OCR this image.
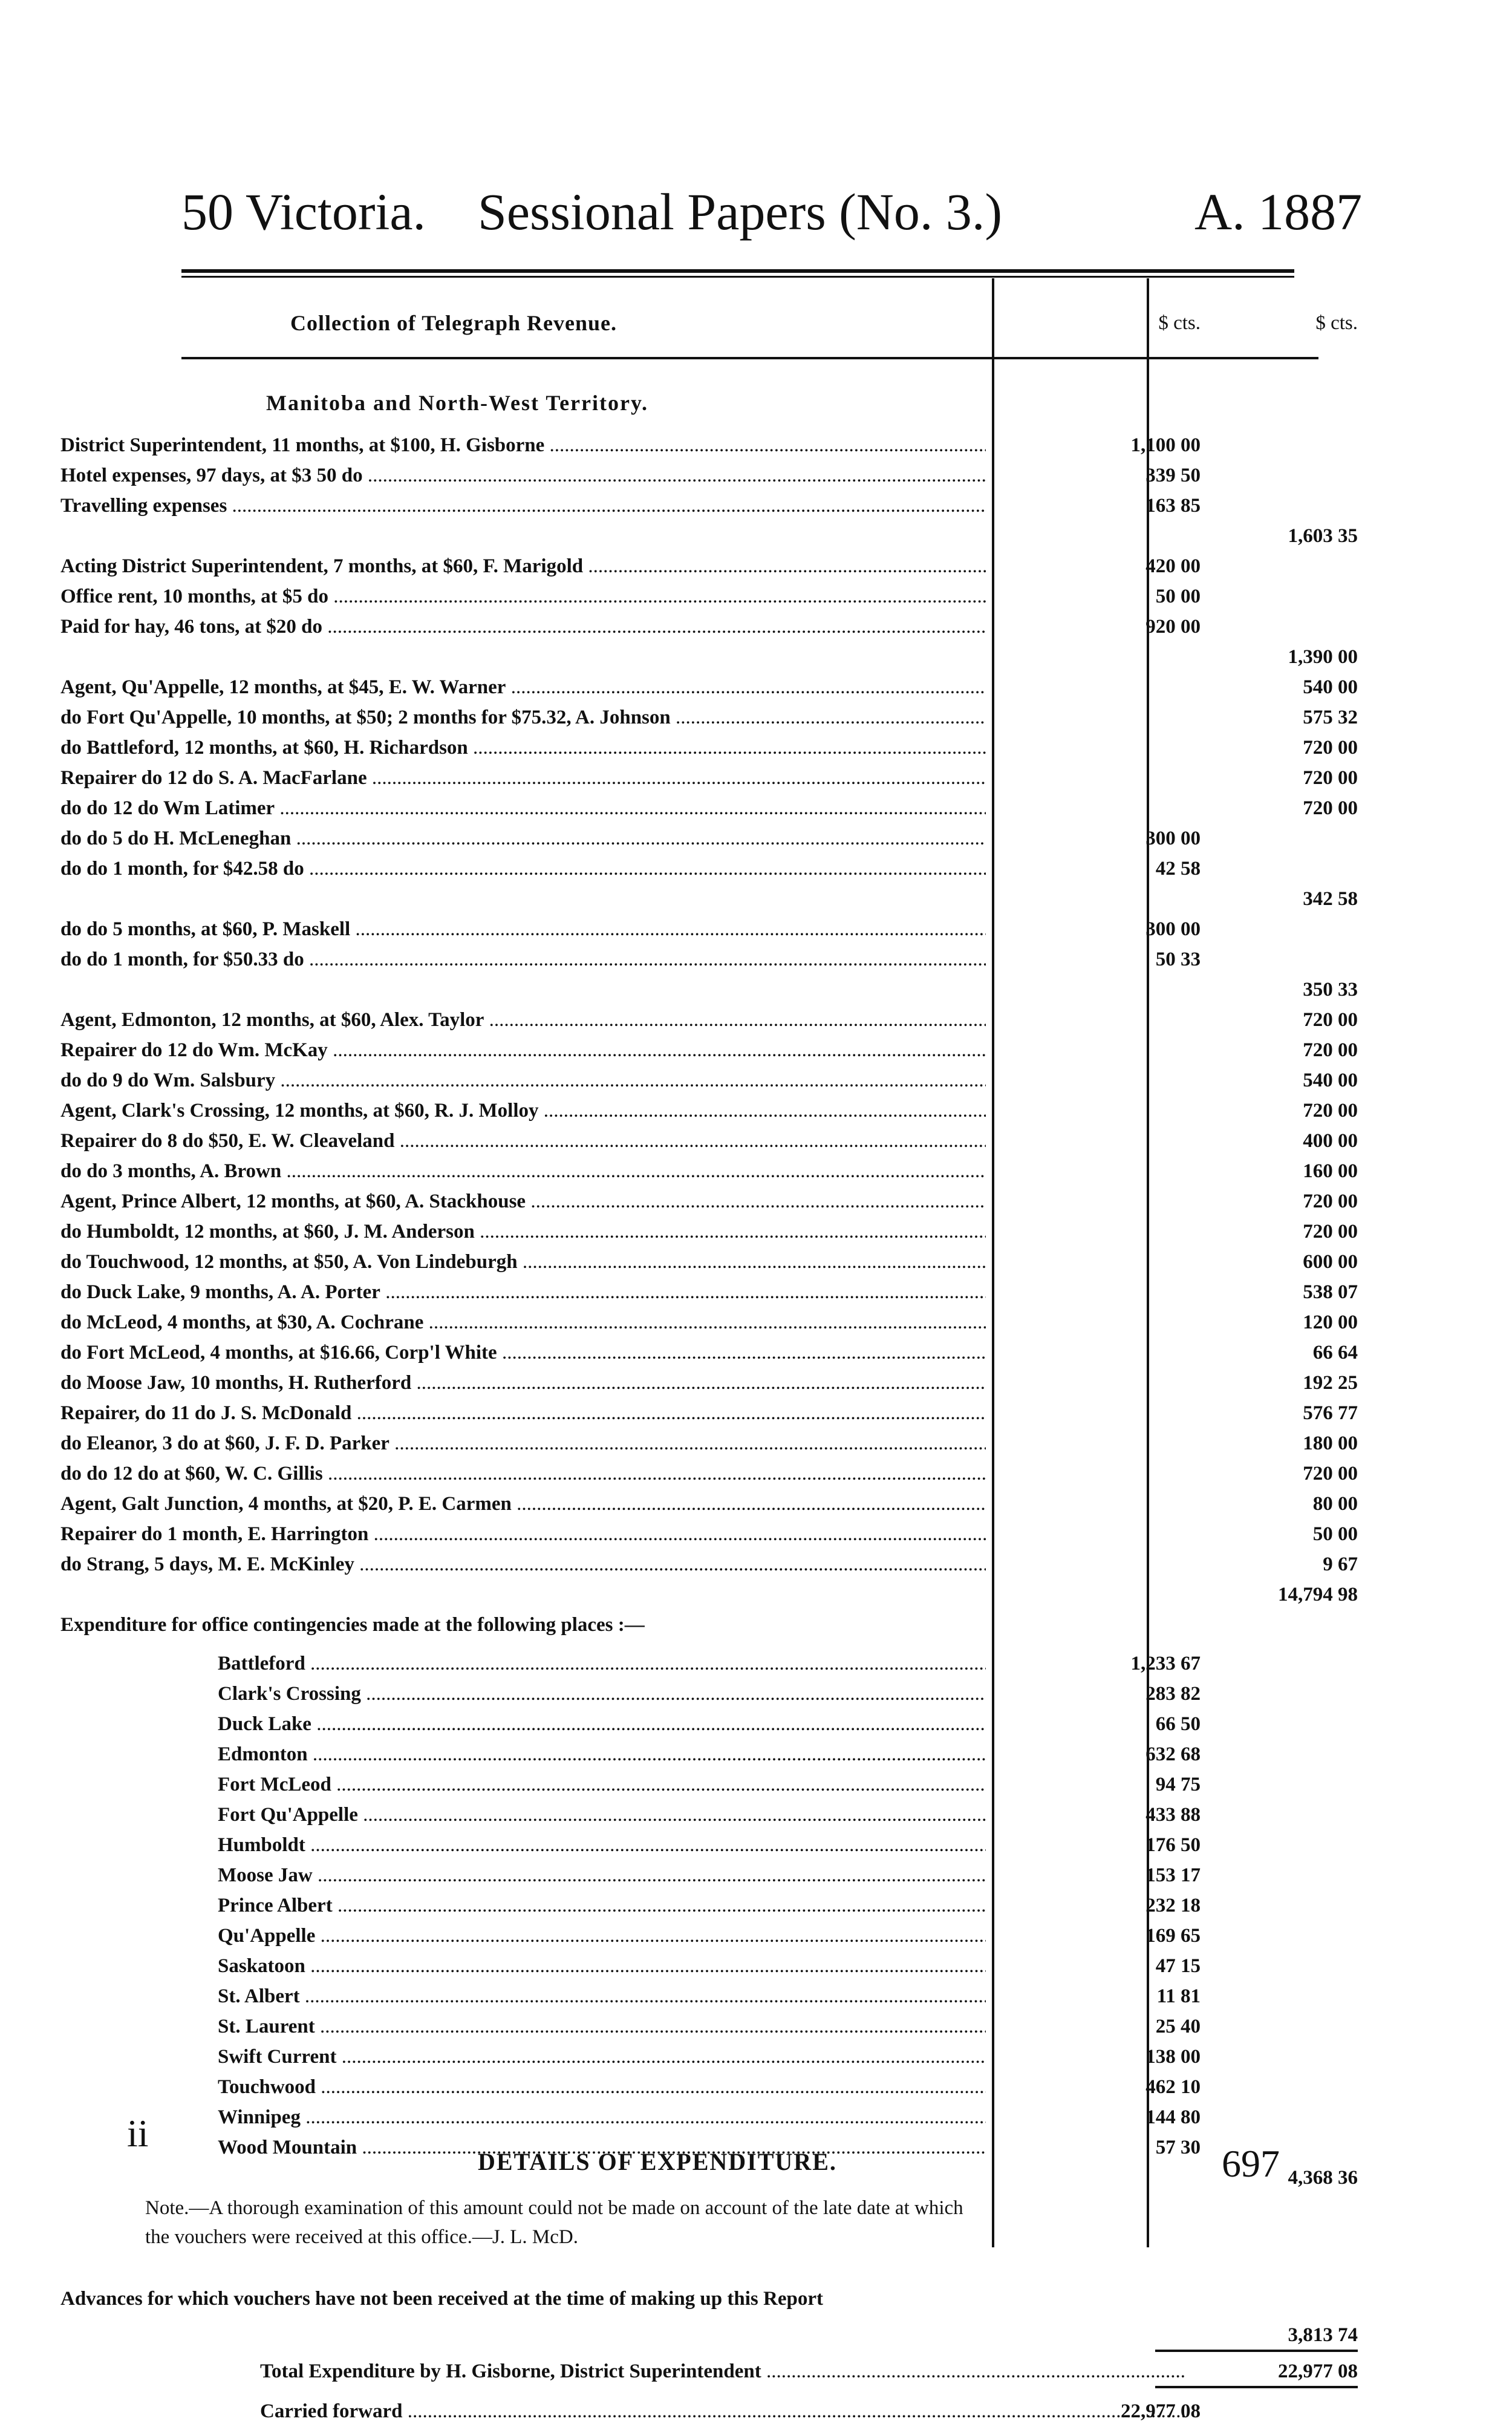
50 Victoria. Sessional Papers (No. 3.)	A. 1887
Collection of Telegraph Revenue.	$ cts.	$ cts.
Manitoba and North-West Territory.
District Superintendent, 11 months, at $100, H. Gisborne .....	1,100 00
Hotel expenses, 97 days, at $3 50 do .....	339 50
Travelling expenses .....	163 85
1,603 35
Acting District Superintendent, 7 months, at $60, F. Marigold .....	420 00
Office rent, 10 months, at $5 do .....	50 00
Paid for hay, 46 tons, at $20 do .....	920 00
1,390 00
Agent, Qu'Appelle, 12 months, at $45, E. W. Warner .....	540 00
do Fort Qu'Appelle, 10 months, at $50; 2 months for $75.32, A. Johnson .....	575 32
do Battleford, 12 months, at $60, H. Richardson .....	720 00
Repairer do 12 do S. A. MacFarlane .....	720 00
do do 12 do Wm Latimer .....	720 00
do do 5 do H. McLeneghan .....	300 00
do do 1 month, for $42.58 do .....	42 58
342 58
do do 5 months, at $60, P. Maskell .....	300 00
do do 1 month, for $50.33 do .....	50 33
350 33
Agent, Edmonton, 12 months, at $60, Alex. Taylor .....	720 00
Repairer do 12 do Wm. McKay .....	720 00
do do 9 do Wm. Salsbury .....	540 00
Agent, Clark's Crossing, 12 months, at $60, R. J. Molloy .....	720 00
Repairer do 8 do $50, E. W. Cleaveland .....	400 00
do do 3 months, A. Brown .....	160 00
Agent, Prince Albert, 12 months, at $60, A. Stackhouse .....	720 00
do Humboldt, 12 months, at $60, J. M. Anderson .....	720 00
do Touchwood, 12 months, at $50, A. Von Lindeburgh .....	600 00
do Duck Lake, 9 months, A. A. Porter .....	538 07
do McLeod, 4 months, at $30, A. Cochrane .....	120 00
do Fort McLeod, 4 months, at $16.66, Corp'l White .....	66 64
do Moose Jaw, 10 months, H. Rutherford .....	192 25
Repairer, do 11 do J. S. McDonald .....	576 77
do Eleanor, 3 do at $60, J. F. D. Parker .....	180 00
do do 12 do at $60, W. C. Gillis .....	720 00
Agent, Galt Junction, 4 months, at $20, P. E. Carmen .....	80 00
Repairer do 1 month, E. Harrington .....	50 00
do Strang, 5 days, M. E. McKinley .....	9 67
14,794 98
Expenditure for office contingencies made at the following places :—
Battleford .....	1,233 67
Clark's Crossing .....	283 82
Duck Lake .....	66 50
Edmonton .....	632 68
Fort McLeod .....	94 75
Fort Qu'Appelle .....	433 88
Humboldt .....	176 50
Moose Jaw .....	153 17
Prince Albert .....	232 18
Qu'Appelle .....	169 65
Saskatoon .....	47 15
St. Albert .....	11 81
St. Laurent .....	25 40
Swift Current .....	138 00
Touchwood .....	462 10
Winnipeg .....	144 80
Wood Mountain .....	57 30
4,368 36
Note.—A thorough examination of this amount could not be made on account of the late date at which the vouchers were received at this office.—J. L. McD.
Advances for which vouchers have not been received at the time of making up this Report
3,813 74
Total Expenditure by H. Gisborne, District Superintendent .....	22,977 08
Carried forward .....	22,977 08
ii
DETAILS OF EXPENDITURE.	697
